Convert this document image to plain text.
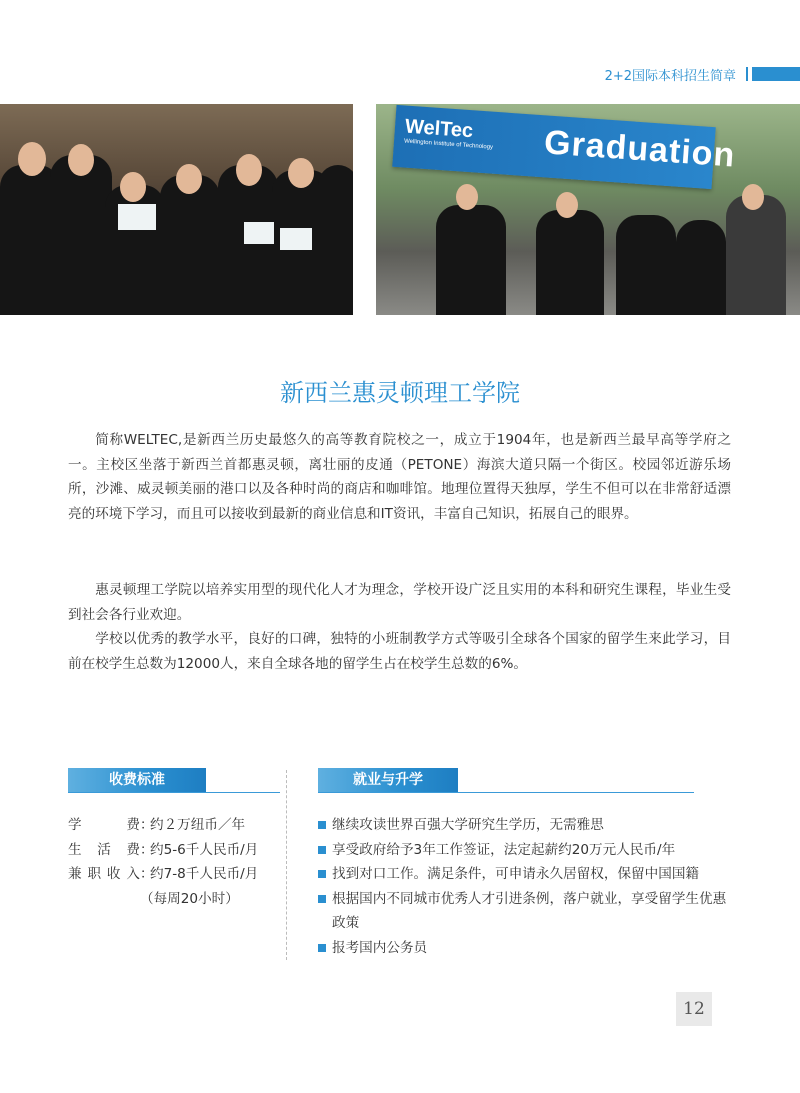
2+2国际本科招生简章
WelTec
Wellington Institute of Technology Graduation
新西兰惠灵顿理工学院

简称WELTEC,是新西兰历史最悠久的高等教育院校之一，成立于1904年，也是新西兰最早高等学府之一。主校区坐落于新西兰首都惠灵顿，离壮丽的皮通（PETONE）海滨大道只隔一个街区。校园邻近游乐场所，沙滩、威灵顿美丽的港口以及各种时尚的商店和咖啡馆。地理位置得天独厚，学生不但可以在非常舒适漂亮的环境下学习，而且可以接收到最新的商业信息和IT资讯，丰富自己知识，拓展自己的眼界。

惠灵顿理工学院以培养实用型的现代化人才为理念，学校开设广泛且实用的本科和研究生课程，毕业生受到社会各行业欢迎。

学校以优秀的教学水平，良好的口碑，独特的小班制教学方式等吸引全球各个国家的留学生来此学习，目前在校学生总数为12000人，来自全球各地的留学生占在校学生总数的6%。

收费标准	就业与升学
学费 ：
约２万纽币／年
生活费 ：
约5-6千人民币/月
兼职收入 ：
约7-8千人民币/月
（每周20小时）
继续攻读世界百强大学研究生学历，无需雅思
享受政府给予3年工作签证，法定起薪约20万元人民币/年
找到对口工作。满足条件，可申请永久居留权，保留中国国籍
根据国内不同城市优秀人才引进条例，落户就业，享受留学生优惠政策
报考国内公务员
12
